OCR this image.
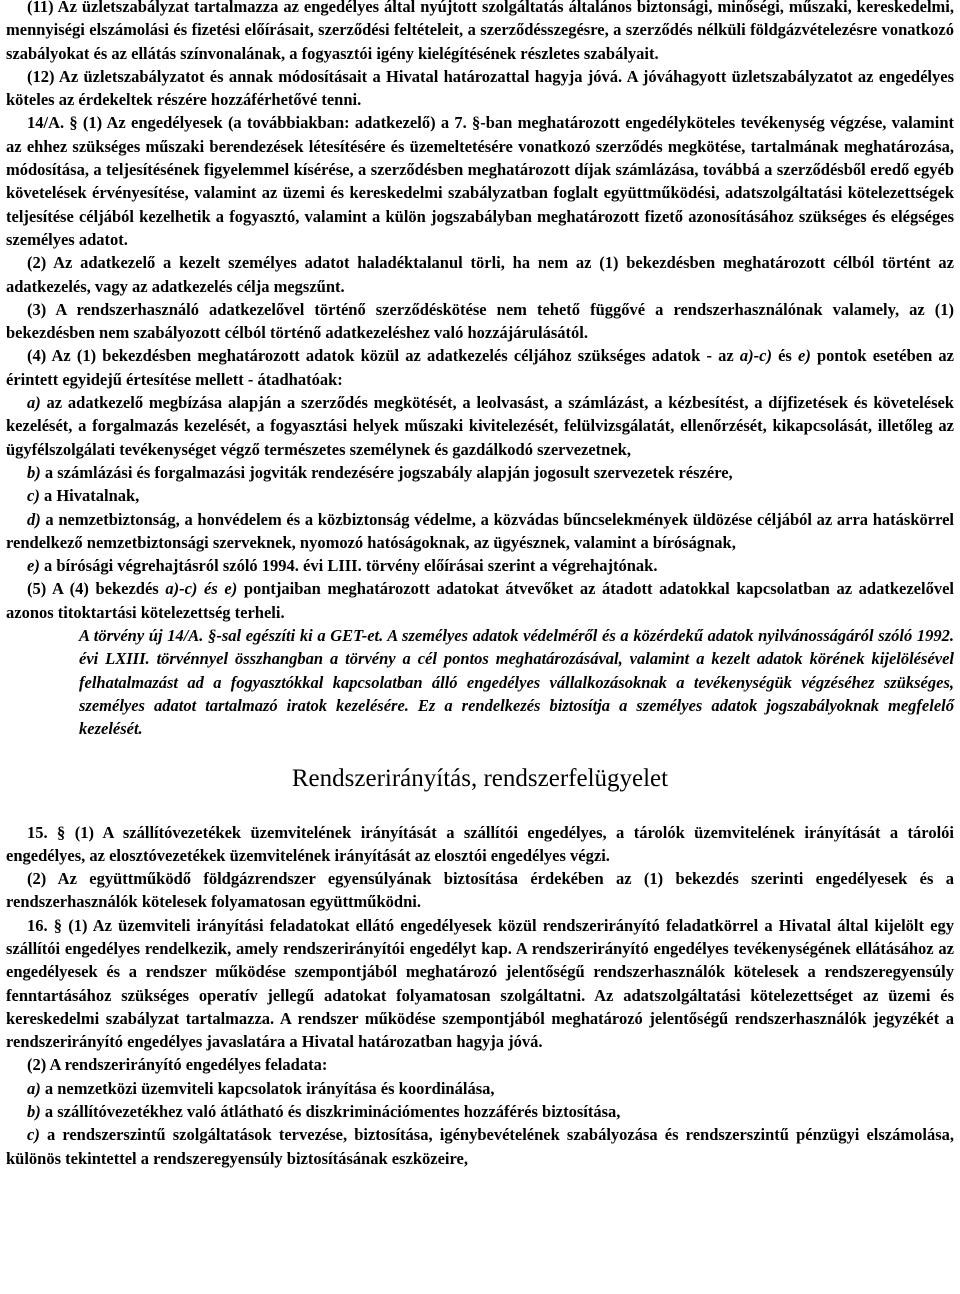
(11) Az üzletszabályzat tartalmazza az engedélyes által nyújtott szolgáltatás általános biztonsági, minőségi, műszaki, kereskedelmi, mennyiségi elszámolási és fizetési előírásait, szerződési feltételeit, a szerződésszegésre, a szerződés nélküli földgázvételezésre vonatkozó szabályokat és az ellátás színvonalának, a fogyasztói igény kielégítésének részletes szabályait.

(12) Az üzletszabályzatot és annak módosításait a Hivatal határozattal hagyja jóvá. A jóváhagyott üzletszabályzatot az engedélyes köteles az érdekeltek részére hozzáférhetővé tenni.

14/A. § (1) Az engedélyesek (a továbbiakban: adatkezelő) a 7. §-ban meghatározott engedélyköteles tevékenység végzése, valamint az ehhez szükséges műszaki berendezések létesítésére és üzemeltetésére vonatkozó szerződés megkötése, tartalmának meghatározása, módosítása, a teljesítésének figyelemmel kísérése, a szerződésben meghatározott díjak számlázása, továbbá a szerződésből eredő egyéb követelések érvényesítése, valamint az üzemi és kereskedelmi szabályzatban foglalt együttműködési, adatszolgáltatási kötelezettségek teljesítése céljából kezelhetik a fogyasztó, valamint a külön jogszabályban meghatározott fizető azonosításához szükséges és elégséges személyes adatot.

(2) Az adatkezelő a kezelt személyes adatot haladéktalanul törli, ha nem az (1) bekezdésben meghatározott célból történt az adatkezelés, vagy az adatkezelés célja megszűnt.

(3) A rendszerhasználó adatkezelővel történő szerződéskötése nem tehető függővé a rendszerhasználónak valamely, az (1) bekezdésben nem szabályozott célból történő adatkezeléshez való hozzájárulásától.

(4) Az (1) bekezdésben meghatározott adatok közül az adatkezelés céljához szükséges adatok - az a)-c) és e) pontok esetében az érintett egyidejű értesítése mellett - átadhatóak:

a) az adatkezelő megbízása alapján a szerződés megkötését, a leolvasást, a számlázást, a kézbesítést, a díjfizetések és követelések kezelését, a forgalmazás kezelését, a fogyasztási helyek műszaki kivitelezését, felülvizsgálatát, ellenőrzését, kikapcsolását, illetőleg az ügyfélszolgálati tevékenységet végző természetes személynek és gazdálkodó szervezetnek,

b) a számlázási és forgalmazási jogviták rendezésére jogszabály alapján jogosult szervezetek részére,

c) a Hivatalnak,

d) a nemzetbiztonság, a honvédelem és a közbiztonság védelme, a közvádas bűncselekmények üldözése céljából az arra hatáskörrel rendelkező nemzetbiztonsági szerveknek, nyomozó hatóságoknak, az ügyésznek, valamint a bíróságnak,

e) a bírósági végrehajtásról szóló 1994. évi LIII. törvény előírásai szerint a végrehajtónak.

(5) A (4) bekezdés a)-c) és e) pontjaiban meghatározott adatokat átvevőket az átadott adatokkal kapcsolatban az adatkezelővel azonos titoktartási kötelezettség terheli.

A törvény új 14/A. §-sal egészíti ki a GET-et. A személyes adatok védelméről és a közérdekű adatok nyilvánosságáról szóló 1992. évi LXIII. törvénnyel összhangban a törvény a cél pontos meghatározásával, valamint a kezelt adatok körének kijelölésével felhatalmazást ad a fogyasztókkal kapcsolatban álló engedélyes vállalkozásoknak a tevékenységük végzéséhez szükséges, személyes adatot tartalmazó iratok kezelésére. Ez a rendelkezés biztosítja a személyes adatok jogszabályoknak megfelelő kezelését.

Rendszerirányítás, rendszerfelügyelet

15. § (1) A szállítóvezetékek üzemvitelének irányítását a szállítói engedélyes, a tárolók üzemvitelének irányítását a tárolói engedélyes, az elosztóvezetékek üzemvitelének irányítását az elosztói engedélyes végzi.

(2) Az együttműködő földgázrendszer egyensúlyának biztosítása érdekében az (1) bekezdés szerinti engedélyesek és a rendszerhasználók kötelesek folyamatosan együttműködni.

16. § (1) Az üzemviteli irányítási feladatokat ellátó engedélyesek közül rendszerirányító feladatkörrel a Hivatal által kijelölt egy szállítói engedélyes rendelkezik, amely rendszerirányítói engedélyt kap. A rendszerirányító engedélyes tevékenységének ellátásához az engedélyesek és a rendszer működése szempontjából meghatározó jelentőségű rendszerhasználók kötelesek a rendszeregyensúly fenntartásához szükséges operatív jellegű adatokat folyamatosan szolgáltatni. Az adatszolgáltatási kötelezettséget az üzemi és kereskedelmi szabályzat tartalmazza. A rendszer működése szempontjából meghatározó jelentőségű rendszerhasználók jegyzékét a rendszerirányító engedélyes javaslatára a Hivatal határozatban hagyja jóvá.

(2) A rendszerirányító engedélyes feladata:

a) a nemzetközi üzemviteli kapcsolatok irányítása és koordinálása,

b) a szállítóvezetékhez való átlátható és diszkriminációmentes hozzáférés biztosítása,

c) a rendszerszintű szolgáltatások tervezése, biztosítása, igénybevételének szabályozása és rendszerszintű pénzügyi elszámolása, különös tekintettel a rendszeregyensúly biztosításának eszközeire,
